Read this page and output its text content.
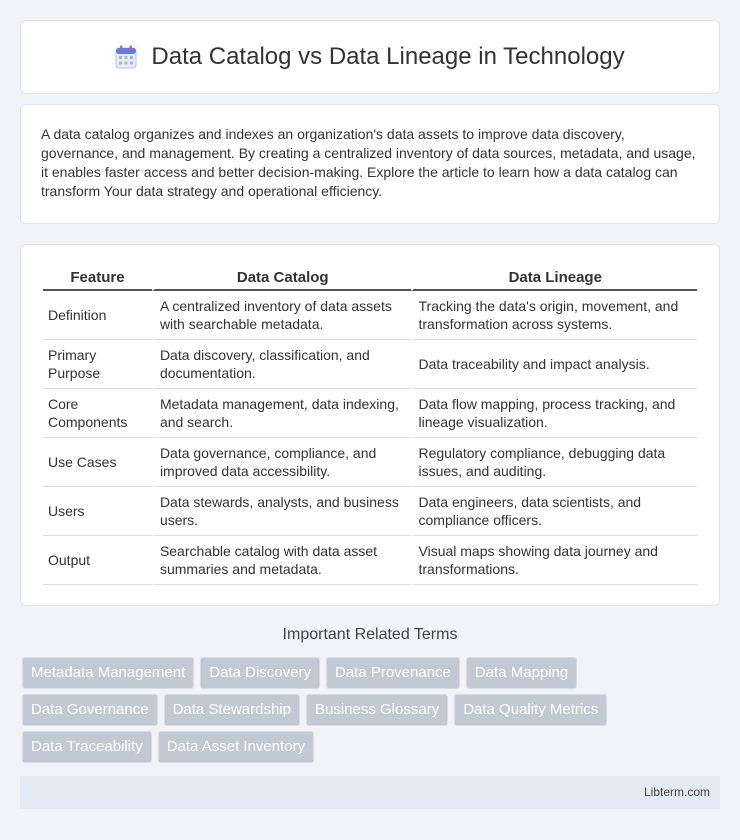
Data Catalog vs Data Lineage in Technology

A data catalog organizes and indexes an organization's data assets to improve data discovery, governance, and management. By creating a centralized inventory of data sources, metadata, and usage, it enables faster access and better decision-making. Explore the article to learn how a data catalog can transform Your data strategy and operational efficiency.

Feature	Data Catalog	Data Lineage
Definition	A centralized inventory of data assets with searchable metadata.	Tracking the data's origin, movement, and transformation across systems.
Primary Purpose	Data discovery, classification, and documentation.	Data traceability and impact analysis.
Core Components	Metadata management, data indexing, and search.	Data flow mapping, process tracking, and lineage visualization.
Use Cases	Data governance, compliance, and improved data accessibility.	Regulatory compliance, debugging data issues, and auditing.
Users	Data stewards, analysts, and business users.	Data engineers, data scientists, and compliance officers.
Output	Searchable catalog with data asset summaries and metadata.	Visual maps showing data journey and transformations.
Important Related Terms
Metadata Management	Data Discovery	Data Provenance	Data Mapping
Data Governance	Data Stewardship	Business Glossary	Data Quality Metrics
Data Traceability	Data Asset Inventory
Libterm.com
